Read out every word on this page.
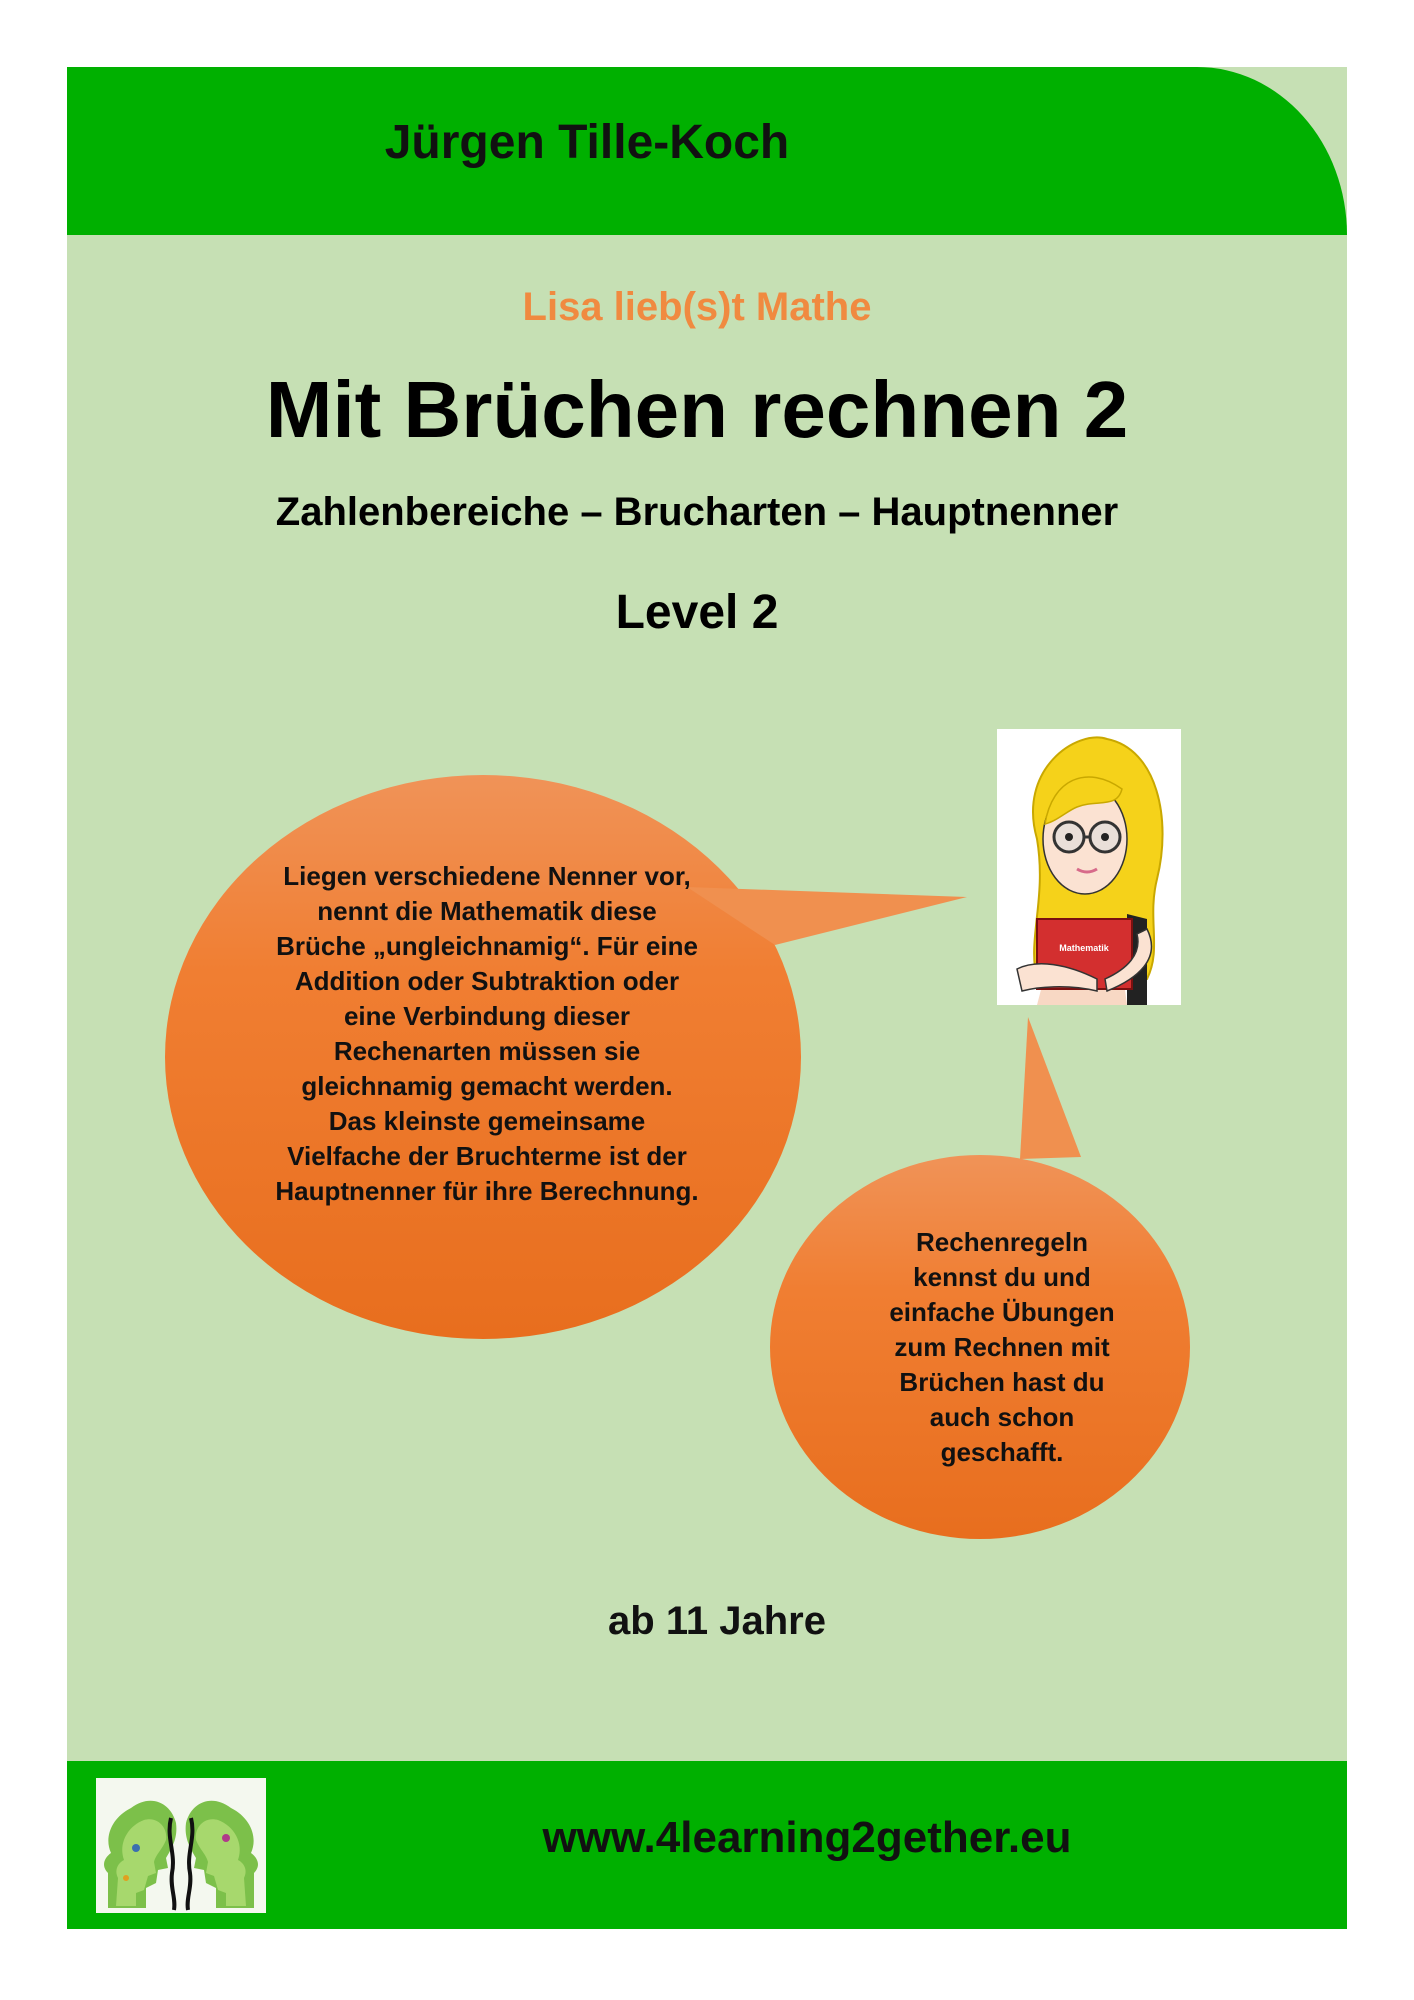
Jürgen Tille-Koch
Lisa lieb(s)t Mathe
Mit Brüchen rechnen 2
Zahlenbereiche – Brucharten – Hauptnenner
Level 2
Liegen verschiedene Nenner vor,
nennt die Mathematik diese
Brüche „ungleichnamig“. Für eine
Addition oder Subtraktion oder
eine Verbindung dieser
Rechenarten müssen sie
gleichnamig gemacht werden.
Das kleinste gemeinsame
Vielfache der Bruchterme ist der
Hauptnenner für ihre Berechnung.
Rechenregeln
kennst du und
einfache Übungen
zum Rechnen mit
Brüchen hast du
auch schon
geschafft.
Mathematik
ab 11 Jahre
www.4learning2gether.eu
